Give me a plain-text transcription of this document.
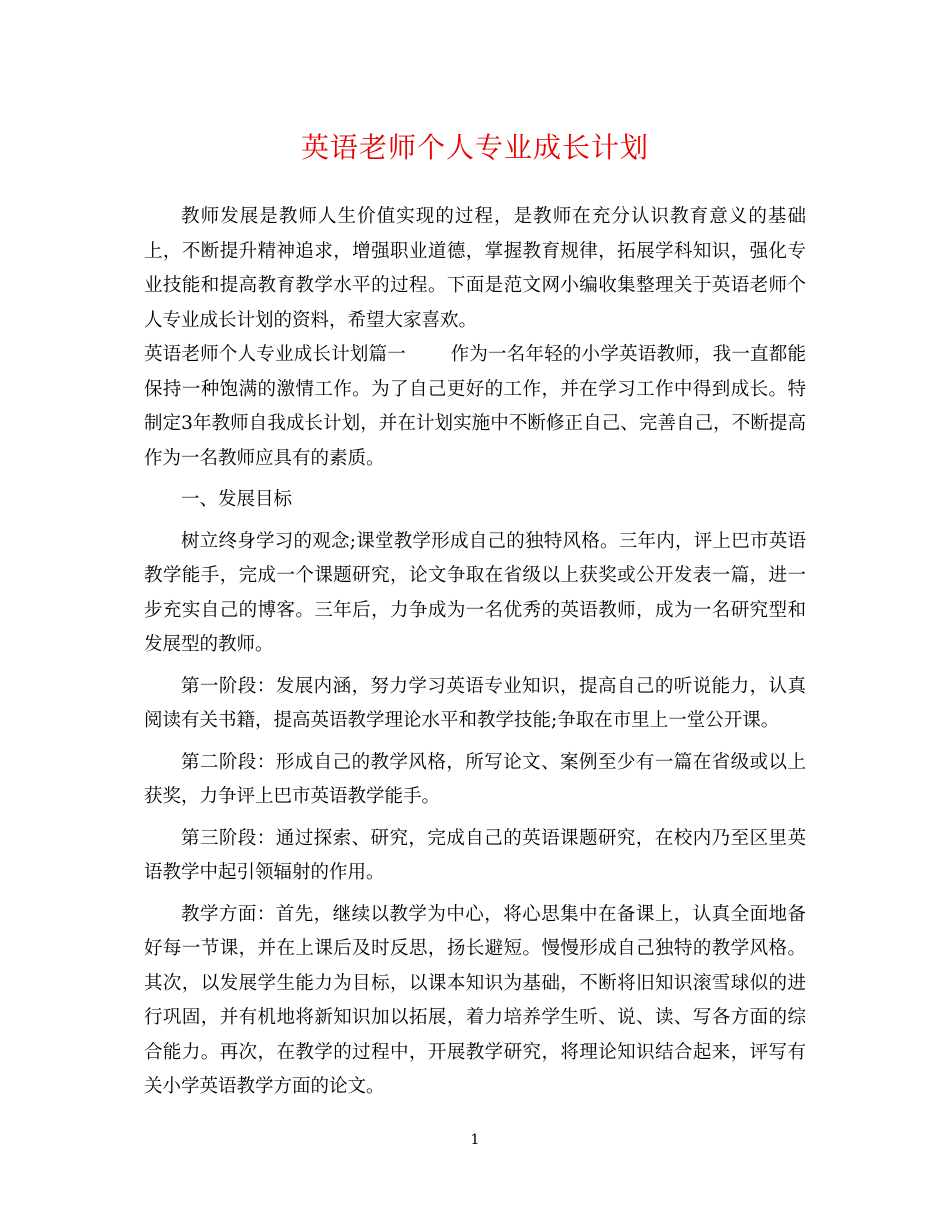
英语老师个人专业成长计划

教师发展是教师人生价值实现的过程，是教师在充分认识教育意义的基础上，不断提升精神追求，增强职业道德，掌握教育规律，拓展学科知识，强化专业技能和提高教育教学水平的过程。下面是范文网小编收集整理关于英语老师个人专业成长计划的资料，希望大家喜欢。

英语老师个人专业成长计划篇一 作为一名年轻的小学英语教师，我一直都能保持一种饱满的激情工作。为了自己更好的工作，并在学习工作中得到成长。特制定3年教师自我成长计划，并在计划实施中不断修正自己、完善自己，不断提高作为一名教师应具有的素质。

一、发展目标

树立终身学习的观念;课堂教学形成自己的独特风格。三年内，评上巴市英语教学能手，完成一个课题研究，论文争取在省级以上获奖或公开发表一篇，进一步充实自己的博客。三年后，力争成为一名优秀的英语教师，成为一名研究型和发展型的教师。

第一阶段：发展内涵，努力学习英语专业知识，提高自己的听说能力，认真阅读有关书籍，提高英语教学理论水平和教学技能;争取在市里上一堂公开课。

第二阶段：形成自己的教学风格，所写论文、案例至少有一篇在省级或以上获奖，力争评上巴市英语教学能手。

第三阶段：通过探索、研究，完成自己的英语课题研究，在校内乃至区里英语教学中起引领辐射的作用。

教学方面：首先，继续以教学为中心，将心思集中在备课上，认真全面地备好每一节课，并在上课后及时反思，扬长避短。慢慢形成自己独特的教学风格。其次，以发展学生能力为目标，以课本知识为基础，不断将旧知识滚雪球似的进行巩固，并有机地将新知识加以拓展，着力培养学生听、说、读、写各方面的综合能力。再次，在教学的过程中，开展教学研究，将理论知识结合起来，评写有关小学英语教学方面的论文。

1
